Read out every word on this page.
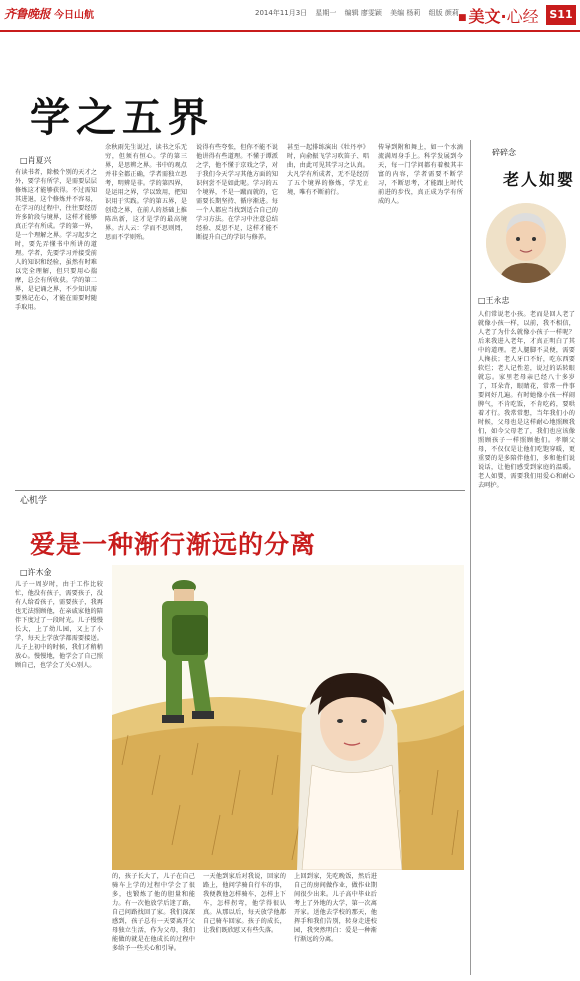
齐鲁晚报 今日山航	2014年11月3日 星期一 编辑 廖雯颖 美编 杨莉 组版 颜莉 ■ 美文·心经 S11
学之五界
□肖夏兴
有读书者，除极个别的天才之外，要学有所学，是需要层层修炼这才能够获得。不过需知其进退，这个修炼并不容易，在学习的过程中，往往要经历许多阶段与境界，这样才能够真正学有所成。学的第一界，是一个理解之界。学习起步之时，要先弄懂书中所讲的道理。学者，先要学习并接受前人的知识和经验，虽然有时难以完全理解，但只要用心揣摩，总会有所收获。学的第二界，是记诵之界，不少知识需要熟记在心，才能在需要时随手取用。
余秋雨先生说过，读书之乐无穷，但须有恒心。学的第三界，是思辨之界。书中的观点并非全都正确，学者需独立思考，明辨是非。学的第四界，是运用之界，学以致用，把知识用于实践。学的第五界，是创造之界，在前人的基础上推陈出新，这才是学的最高境界。古人云：学而不思则罔，思而不学则殆。
说得有些夸张，但你不能不说他讲得有些道理。不懂于谭派之学，他不懂于京戏之学，对于我们今天学习其他方面的知识何尝不是如此呢。学习的五个境界，不是一蹴而就的，它需要长期坚持、循序渐进。每一个人都应当找到适合自己的学习方法。在学习中注意总结经验、反思不足，这样才能不断提升自己的学识与修养。
甚至一起排练演出《牡丹亭》时，向俞振飞学习吹笛子、唱曲，由此可见其学习之认真。大凡学有所成者，无不是经历了五个境界的修炼，学无止境，唯有不断前行。
传导到附和舞上，如一个水滴流满周身手上。科学发展到今天，每一门学问都有着极其丰富的内容，学者需要不断学习，不断思考，才能跟上时代前进的步伐，真正成为学有所成的人。
心机学
爱是一种渐行渐远的分离
□许木金
儿子一周岁时，由于工作比较忙，他没有孩子，需要孩子，没有人给看孩子，需要孩子，我再也无法照顾他，在亲戚家他的陪伴下度过了一段时光。儿子慢慢长大，上了幼儿园，又上了小学，每天上学放学都需要接送。儿子上初中的时候，我们才稍稍放心。慢慢地，他学会了自己照顾自己，也学会了关心别人。
的，孩子长大了，儿子在自己骑车上学的过程中学会了很多，也锻炼了他的胆量和能力。有一次他放学后迷了路，自己问路找回了家。我们深深感到，孩子总有一天要离开父母独立生活，作为父母，我们能做的就是在他成长的过程中多给予一些关心和引导。
一天他到家后对我说，回家的路上，他问学骑自行车的事，我便教他怎样骑车，怎样上下车，怎样拐弯，他学得很认真。从那以后，每天放学他都自己骑车回家。孩子的成长，让我们既欣慰又有些失落。
上回到家，先吃晚饭，然后进自己的房间做作业，做作业期间很少出来。儿子高中毕业后考上了外地的大学，第一次离开家。送他去学校的那天，他挥手和我们告别，转身走进校园，我突然明白：爱是一种渐行渐远的分离。
碎碎念
老人如婴
□王永忠
人们常说老小孩。老而是回人老了就像小孩一样，以前，我不相信，人老了为什么就像小孩子一样呢？后来我进入老年，才真正明白了其中的道理。老人腿脚不灵便，需要人搀扶；老人牙口不好，吃东西要软烂；老人记性差，说过的话转眼就忘。家里老母亲已经八十多岁了，耳朵背，眼睛花，常常一件事要问好几遍。有时她像小孩一样闹脾气，不肯吃饭，不肯吃药，要哄着才行。我常常想，当年我们小的时候，父母也是这样耐心地照顾我们，如今父母老了，我们也应该像照顾孩子一样照顾他们。孝顺父母，不仅仅是让他们吃饱穿暖，更重要的是多陪伴他们，多和他们说说话，让他们感受到家庭的温暖。老人如婴，需要我们用爱心和耐心去呵护。
